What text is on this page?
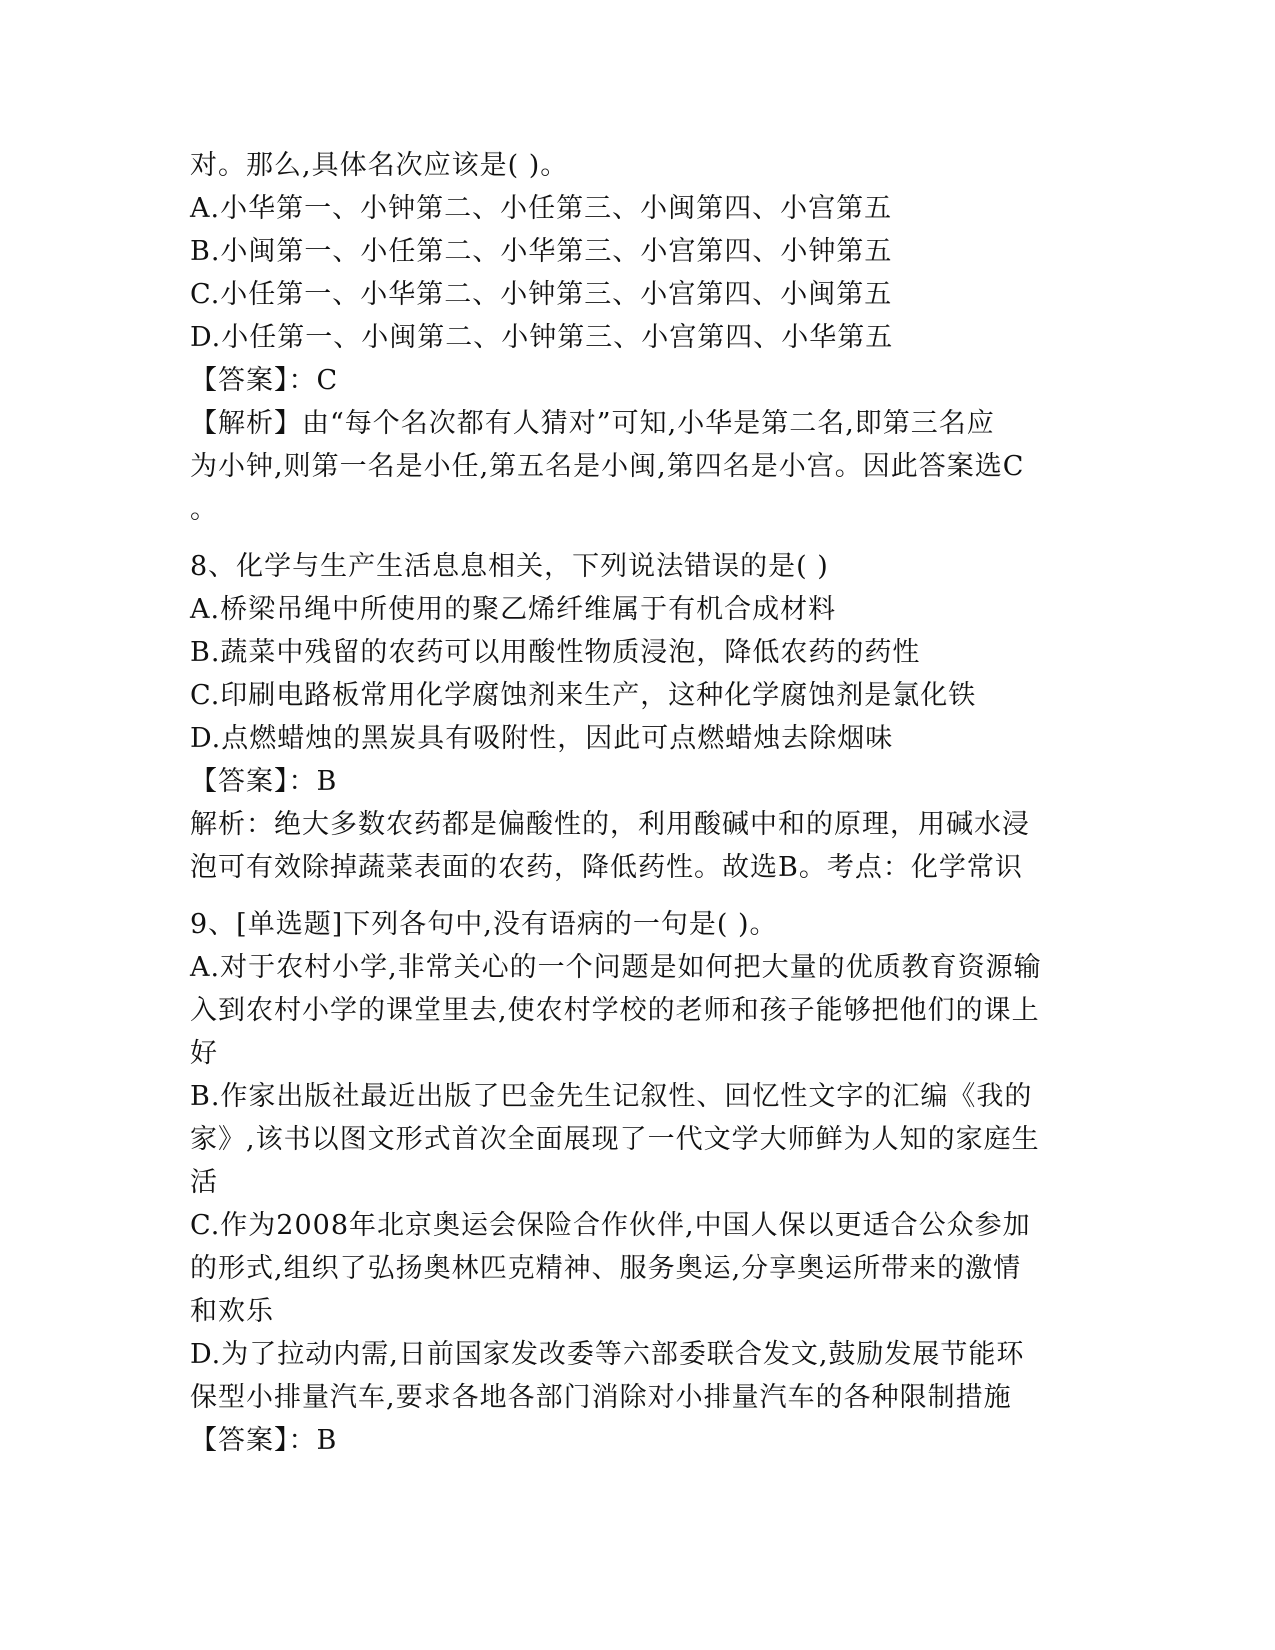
对。那么,具体名次应该是( )。
A.小华第一、小钟第二、小任第三、小闽第四、小宫第五
B.小闽第一、小任第二、小华第三、小宫第四、小钟第五
C.小任第一、小华第二、小钟第三、小宫第四、小闽第五
D.小任第一、小闽第二、小钟第三、小宫第四、小华第五
【答案】：C
【解析】由“每个名次都有人猜对”可知,小华是第二名,即第三名应
为小钟,则第一名是小任,第五名是小闽,第四名是小宫。因此答案选C
。
8、化学与生产生活息息相关，下列说法错误的是( )
A.桥梁吊绳中所使用的聚乙烯纤维属于有机合成材料
B.蔬菜中残留的农药可以用酸性物质浸泡，降低农药的药性
C.印刷电路板常用化学腐蚀剂来生产，这种化学腐蚀剂是氯化铁
D.点燃蜡烛的黑炭具有吸附性，因此可点燃蜡烛去除烟味
【答案】：B
解析：绝大多数农药都是偏酸性的，利用酸碱中和的原理，用碱水浸
泡可有效除掉蔬菜表面的农药，降低药性。故选B。考点：化学常识
9、[单选题]下列各句中,没有语病的一句是( )。
A.对于农村小学,非常关心的一个问题是如何把大量的优质教育资源输
入到农村小学的课堂里去,使农村学校的老师和孩子能够把他们的课上
好
B.作家出版社最近出版了巴金先生记叙性、回忆性文字的汇编《我的
家》,该书以图文形式首次全面展现了一代文学大师鲜为人知的家庭生
活
C.作为2008年北京奥运会保险合作伙伴,中国人保以更适合公众参加
的形式,组织了弘扬奥林匹克精神、服务奥运,分享奥运所带来的激情
和欢乐
D.为了拉动内需,日前国家发改委等六部委联合发文,鼓励发展节能环
保型小排量汽车,要求各地各部门消除对小排量汽车的各种限制措施
【答案】：B
